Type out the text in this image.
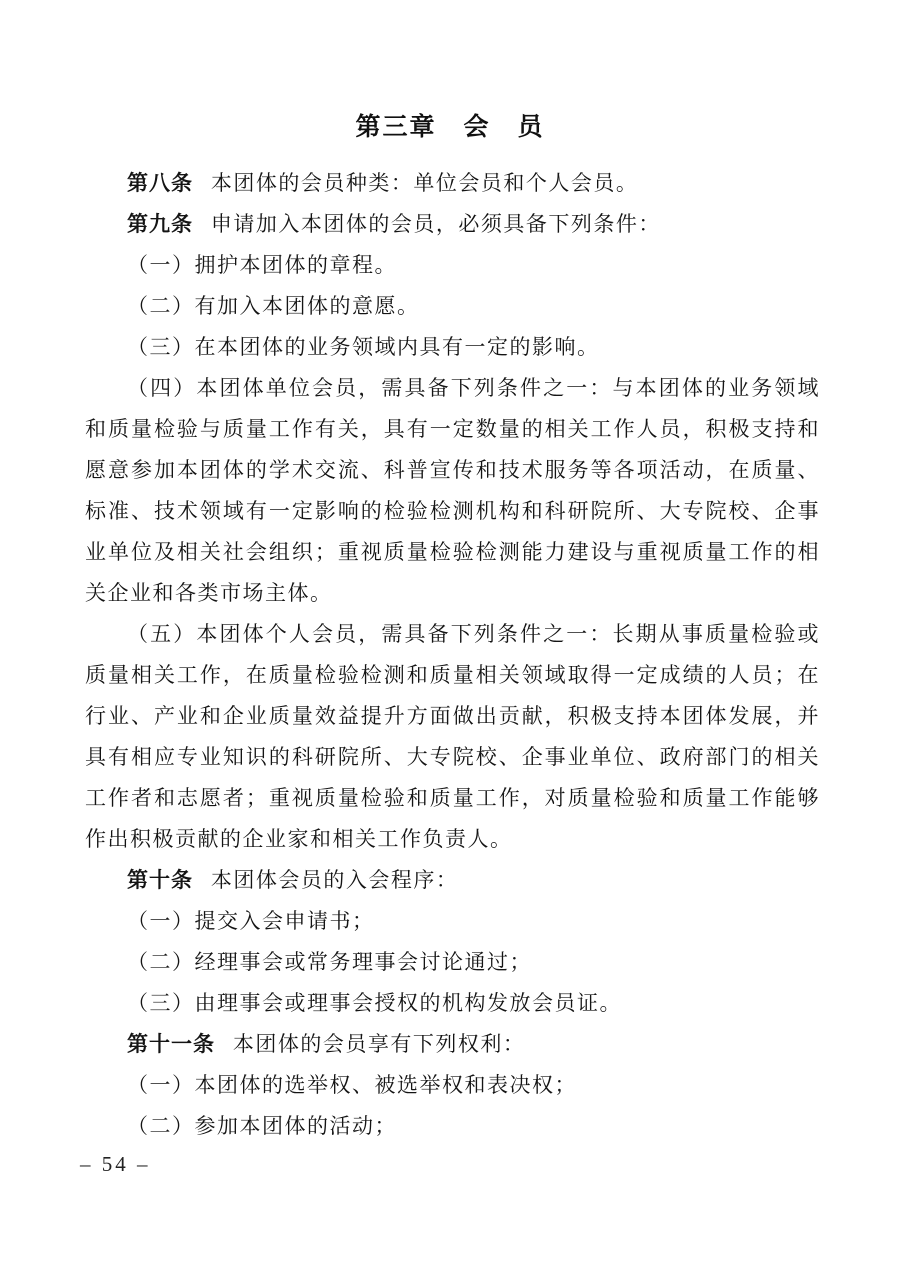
第三章　会　员

第八条 本团体的会员种类：单位会员和个人会员。

第九条 申请加入本团体的会员，必须具备下列条件：

（一）拥护本团体的章程。

（二）有加入本团体的意愿。

（三）在本团体的业务领域内具有一定的影响。

（四）本团体单位会员，需具备下列条件之一：与本团体的业务领域和质量检验与质量工作有关，具有一定数量的相关工作人员，积极支持和愿意参加本团体的学术交流、科普宣传和技术服务等各项活动，在质量、标准、技术领域有一定影响的检验检测机构和科研院所、大专院校、企事业单位及相关社会组织；重视质量检验检测能力建设与重视质量工作的相关企业和各类市场主体。

（五）本团体个人会员，需具备下列条件之一：长期从事质量检验或质量相关工作，在质量检验检测和质量相关领域取得一定成绩的人员；在行业、产业和企业质量效益提升方面做出贡献，积极支持本团体发展，并具有相应专业知识的科研院所、大专院校、企事业单位、政府部门的相关工作者和志愿者；重视质量检验和质量工作，对质量检验和质量工作能够作出积极贡献的企业家和相关工作负责人。

第十条 本团体会员的入会程序：

（一）提交入会申请书；

（二）经理事会或常务理事会讨论通过；

（三）由理事会或理事会授权的机构发放会员证。

第十一条 本团体的会员享有下列权利：

（一）本团体的选举权、被选举权和表决权；

（二）参加本团体的活动；

– 54 –
